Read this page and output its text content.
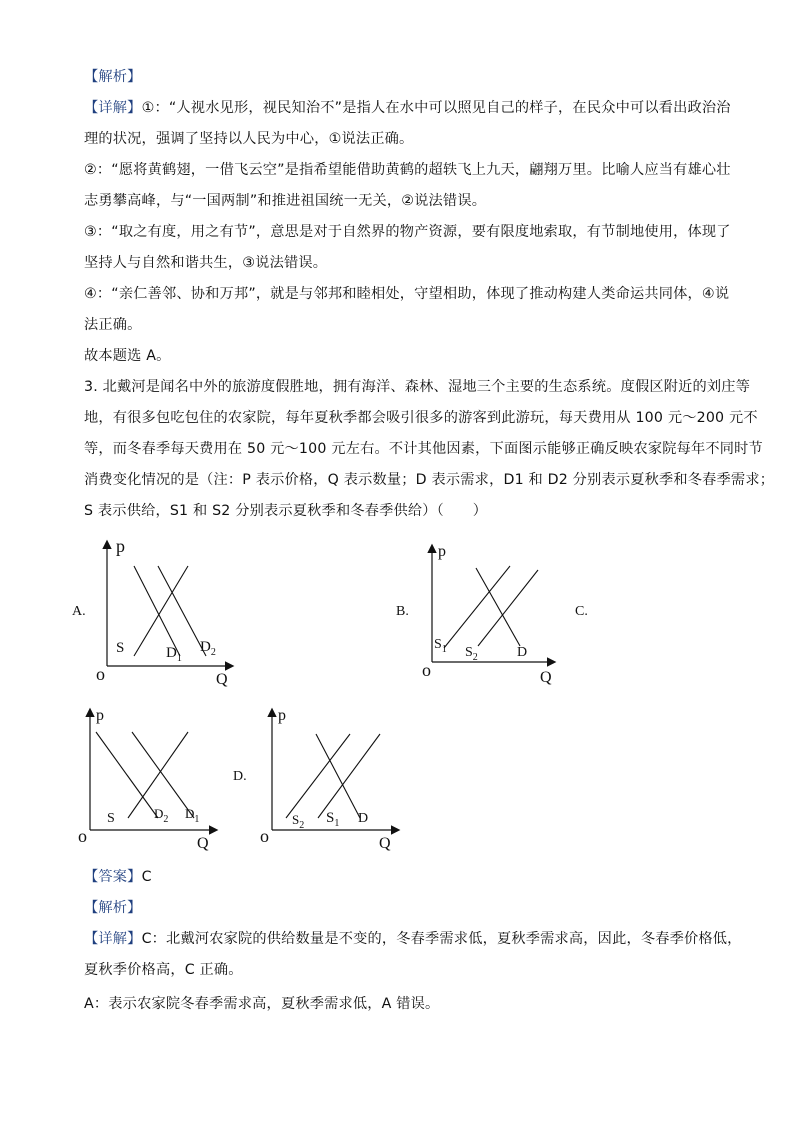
【解析】
【详解】①：“人视水见形，视民知治不”是指人在水中可以照见自己的样子，在民众中可以看出政治治
理的状况，强调了坚持以人民为中心，①说法正确。
②：“愿将黄鹤翅，一借飞云空”是指希望能借助黄鹤的超轶飞上九天，翩翔万里。比喻人应当有雄心壮
志勇攀高峰，与“一国两制”和推进祖国统一无关，②说法错误。
③：“取之有度，用之有节”，意思是对于自然界的物产资源，要有限度地索取，有节制地使用，体现了
坚持人与自然和谐共生，③说法错误。
④：“亲仁善邻、协和万邦”，就是与邻邦和睦相处，守望相助，体现了推动构建人类命运共同体，④说
法正确。
故本题选 A。
3. 北戴河是闻名中外的旅游度假胜地，拥有海洋、森林、湿地三个主要的生态系统。度假区附近的刘庄等
地，有很多包吃包住的农家院，每年夏秋季都会吸引很多的游客到此游玩，每天费用从 100 元～200 元不
等，而冬春季每天费用在 50 元～100 元左右。不计其他因素，下面图示能够正确反映农家院每年不同时节
消费变化情况的是（注：P 表示价格，Q 表示数量；D 表示需求，D1 和 D2 分别表示夏秋季和冬春季需求；
S 表示供给，S1 和 S2 分别表示夏秋季和冬春季供给）（　　）
A.	B.	C.
D.
p
Q
o
S	$D_1$
$D_2$
p
Q
o
$S_1$ $S_2$	D
p
Q
o
S	$D_2$ $D_1$
p
Q
o
$S_2$ $S_1$ D
【答案】C
【解析】
【详解】C：北戴河农家院的供给数量是不变的，冬春季需求低，夏秋季需求高，因此，冬春季价格低，
夏秋季价格高，C 正确。
A：表示农家院冬春季需求高，夏秋季需求低，A 错误。
